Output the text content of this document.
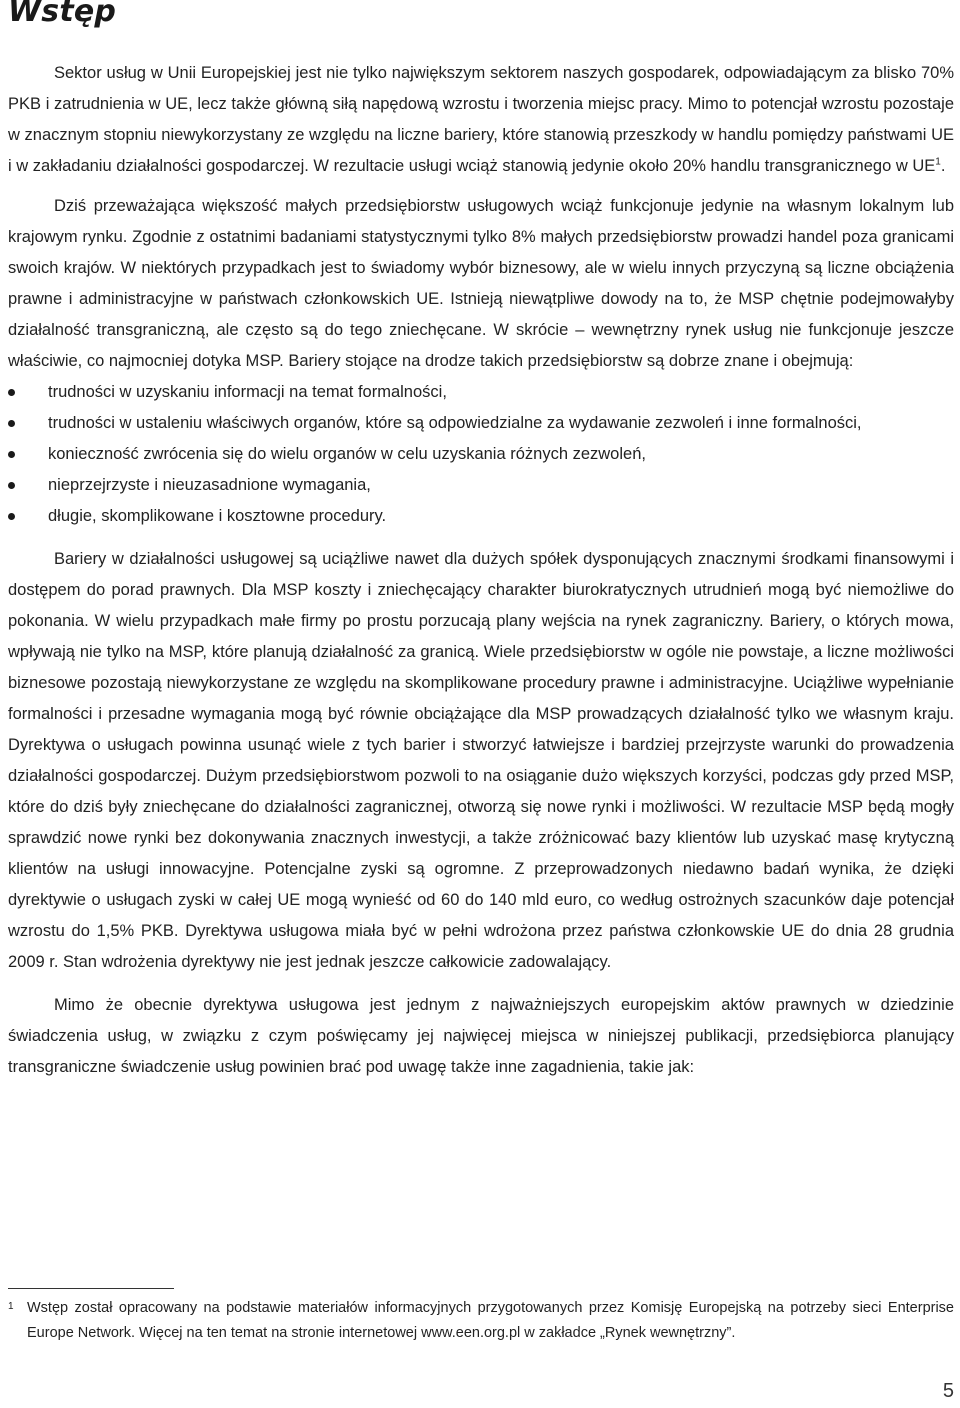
Wstęp

Sektor usług w Unii Europejskiej jest nie tylko największym sektorem naszych gospodarek, odpowiadającym za blisko 70% PKB i zatrudnienia w UE, lecz także główną siłą napędową wzrostu i tworzenia miejsc pracy. Mimo to potencjał wzrostu pozostaje w znacznym stopniu niewykorzystany ze względu na liczne bariery, które stanowią przeszkody w handlu pomiędzy państwami UE i w zakładaniu działalności gospodarczej. W rezultacie usługi wciąż stanowią jedynie około 20% handlu transgranicznego w $UE^1$.

Dziś przeważająca większość małych przedsiębiorstw usługowych wciąż funkcjonuje jedynie na własnym lokalnym lub krajowym rynku. Zgodnie z ostatnimi badaniami statystycznymi tylko 8% małych przedsiębiorstw prowadzi handel poza granicami swoich krajów. W niektórych przypadkach jest to świadomy wybór biznesowy, ale w wielu innych przyczyną są liczne obciążenia prawne i administracyjne w państwach członkowskich UE. Istnieją niewątpliwe dowody na to, że MSP chętnie podejmowałyby działalność transgraniczną, ale często są do tego zniechęcane. W skrócie – wewnętrzny rynek usług nie funkcjonuje jeszcze właściwie, co najmocniej dotyka MSP. Bariery stojące na drodze takich przedsiębiorstw są dobrze znane i obejmują:

trudności w uzyskaniu informacji na temat formalności,
trudności w ustaleniu właściwych organów, które są odpowiedzialne za wydawanie zezwoleń i inne formalności,
konieczność zwrócenia się do wielu organów w celu uzyskania różnych zezwoleń,
nieprzejrzyste i nieuzasadnione wymagania,
długie, skomplikowane i kosztowne procedury.

Bariery w działalności usługowej są uciążliwe nawet dla dużych spółek dysponujących znacznymi środkami finansowymi i dostępem do porad prawnych. Dla MSP koszty i zniechęcający charakter biurokratycznych utrudnień mogą być niemożliwe do pokonania. W wielu przypadkach małe firmy po prostu porzucają plany wejścia na rynek zagraniczny. Bariery, o których mowa, wpływają nie tylko na MSP, które planują działalność za granicą. Wiele przedsiębiorstw w ogóle nie powstaje, a liczne możliwości biznesowe pozostają niewykorzystane ze względu na skomplikowane procedury prawne i administracyjne. Uciążliwe wypełnianie formalności i przesadne wymagania mogą być równie obciążające dla MSP prowadzących działalność tylko we własnym kraju. Dyrektywa o usługach powinna usunąć wiele z tych barier i stworzyć łatwiejsze i bardziej przejrzyste warunki do prowadzenia działalności gospodarczej. Dużym przedsiębiorstwom pozwoli to na osiąganie dużo większych korzyści, podczas gdy przed MSP, które do dziś były zniechęcane do działalności zagranicznej, otworzą się nowe rynki i możliwości. W rezultacie MSP będą mogły sprawdzić nowe rynki bez dokonywania znacznych inwestycji, a także zróżnicować bazy klientów lub uzyskać masę krytyczną klientów na usługi innowacyjne. Potencjalne zyski są ogromne. Z przeprowadzonych niedawno badań wynika, że dzięki dyrektywie o usługach zyski w całej UE mogą wynieść od 60 do 140 mld euro, co według ostrożnych szacunków daje potencjał wzrostu do 1,5% PKB. Dyrektywa usługowa miała być w pełni wdrożona przez państwa członkowskie UE do dnia 28 grudnia 2009 r. Stan wdrożenia dyrektywy nie jest jednak jeszcze całkowicie zadowalający.

Mimo że obecnie dyrektywa usługowa jest jednym z najważniejszych europejskim aktów prawnych w dziedzinie świadczenia usług, w związku z czym poświęcamy jej najwięcej miejsca w niniejszej publikacji, przedsiębiorca planujący transgraniczne świadczenie usług powinien brać pod uwagę także inne zagadnienia, takie jak:

1 Wstęp został opracowany na podstawie materiałów informacyjnych przygotowanych przez Komisję Europejską na potrzeby sieci Enterprise Europe Network. Więcej na ten temat na stronie internetowej www.een.org.pl w zakładce „Rynek wewnętrzny”.
5
